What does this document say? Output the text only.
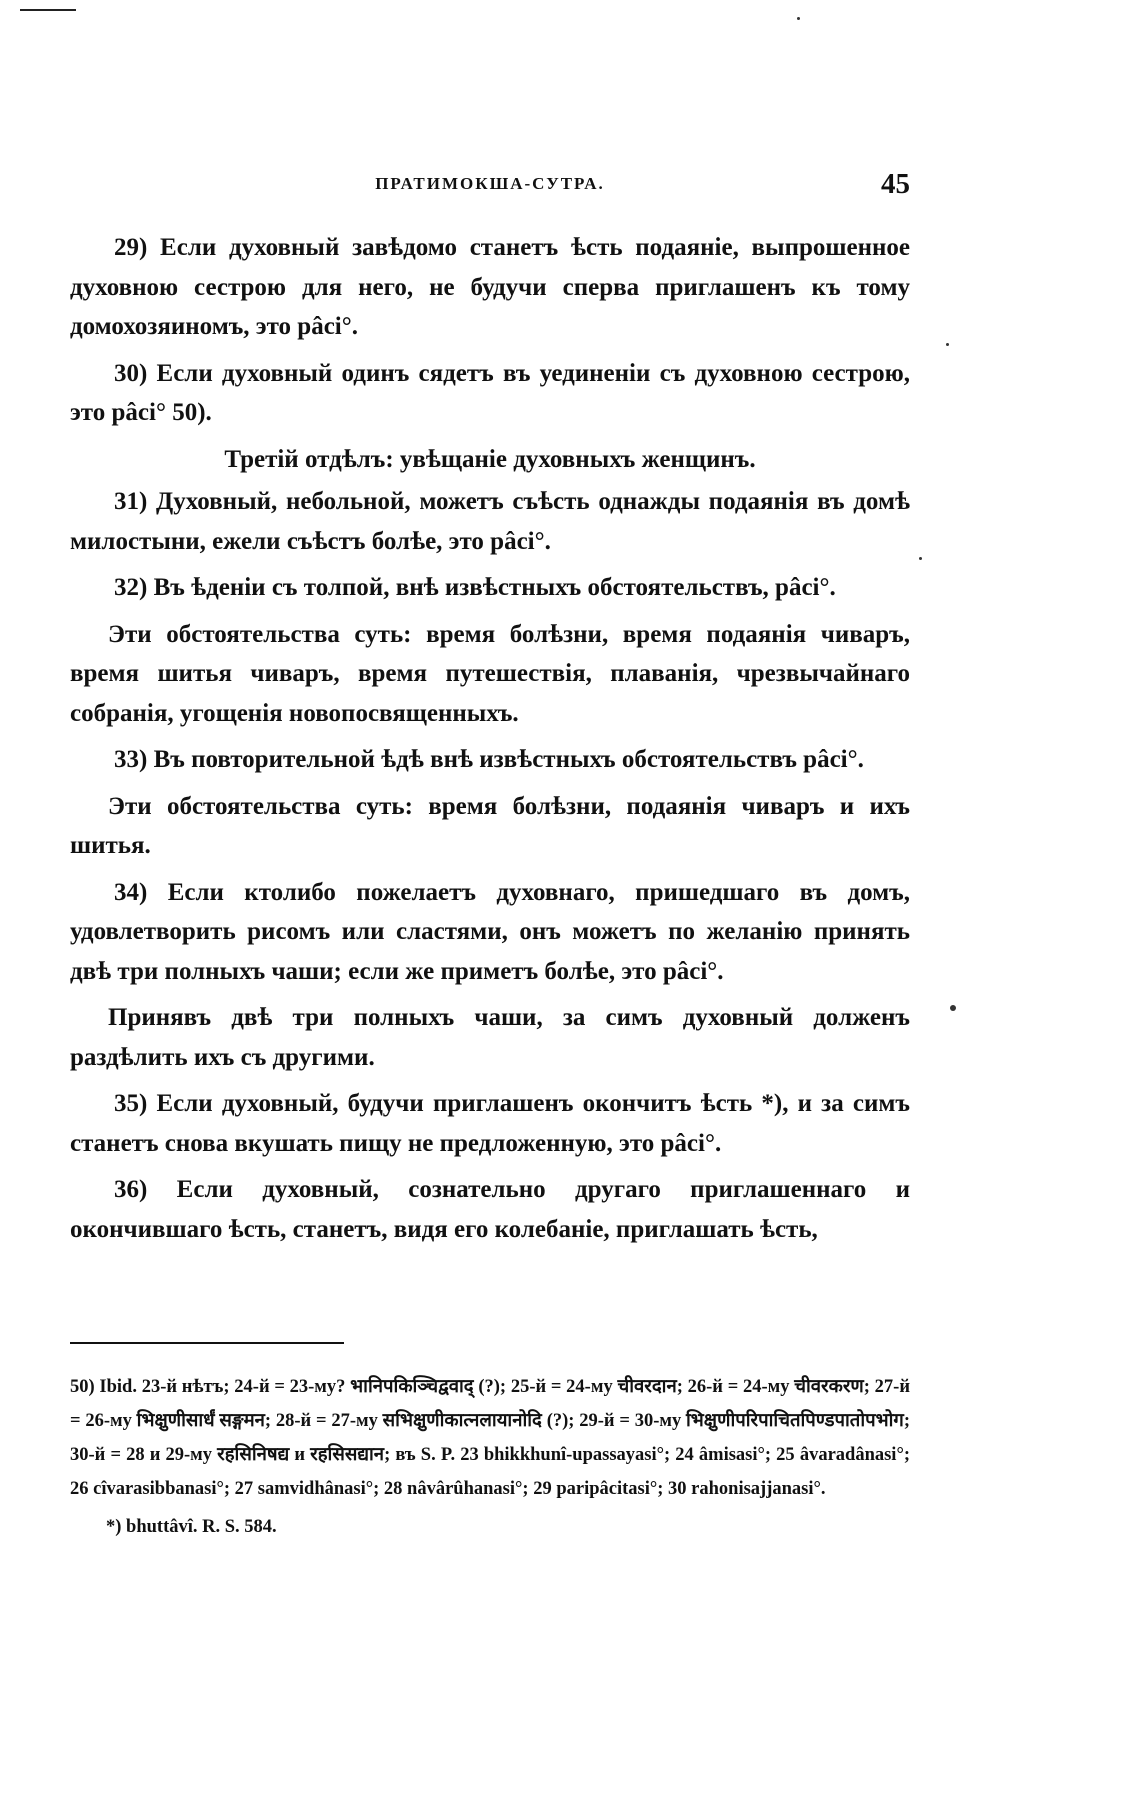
ПРАТИМОКША-СУТРА.	45

29) Если духовный завѣдомо станетъ ѣсть подаяніе, выпрошенное духовною сестрою для него, не будучи сперва приглашенъ къ тому домохозяиномъ, это pâci°.

30) Если духовный одинъ сядетъ въ уединеніи съ духовною сестрою, это pâci° 50).

Третій отдѣлъ: увѣщаніе духовныхъ женщинъ.

31) Духовный, небольной, можетъ съѣсть однажды подаянія въ домѣ милостыни, ежели съѣстъ болѣе, это pâci°.

32) Въ ѣденіи съ толпой, внѣ извѣстныхъ обстоятельствъ, pâci°.

Эти обстоятельства суть: время болѣзни, время подаянія чиваръ, время шитья чиваръ, время путешествія, плаванія, чрезвычайнаго собранія, угощенія новопосвященныхъ.

33) Въ повторительной ѣдѣ внѣ извѣстныхъ обстоятельствъ pâci°.

Эти обстоятельства суть: время болѣзни, подаянія чиваръ и ихъ шитья.

34) Если ктолибо пожелаетъ духовнаго, пришедшаго въ домъ, удовлетворить рисомъ или сластями, онъ можетъ по желанію принять двѣ три полныхъ чаши; если же приметъ болѣе, это pâci°.

Принявъ двѣ три полныхъ чаши, за симъ духовный долженъ раздѣлить ихъ съ другими.

35) Если духовный, будучи приглашенъ окончитъ ѣсть *), и за симъ станетъ снова вкушать пищу не предложенную, это pâci°.

36) Если духовный, сознательно другаго приглашеннаго и окончившаго ѣсть, станетъ, видя его колебаніе, приглашать ѣсть,

50) Ibid. 23-й нѣтъ; 24-й = 23-му? भानिपकिञ्चिद्ववाद् (?); 25-й = 24-му चीवरदान; 26-й = 24-му चीवरकरण; 27-й = 26-му भिक्षुणीसार्धं सङ्गमन; 28-й = 27-му सभिक्षुणीकात्नलायानोदि (?); 29-й = 30-му भिक्षुणीपरिपाचितपिण्डपातोपभोग; 30-й = 28 и 29-му रहसिनिषद्य и रहसिसद्यान; въ S. P. 23 bhikkhunî-upassayasi°; 24 âmisasi°; 25 âvaradânasi°; 26 cîvarasibbanasi°; 27 samvidhânasi°; 28 nâvârûhanasi°; 29 paripâcitasi°; 30 rahonisajjanasi°.

*) bhuttâvî. R. S. 584.
